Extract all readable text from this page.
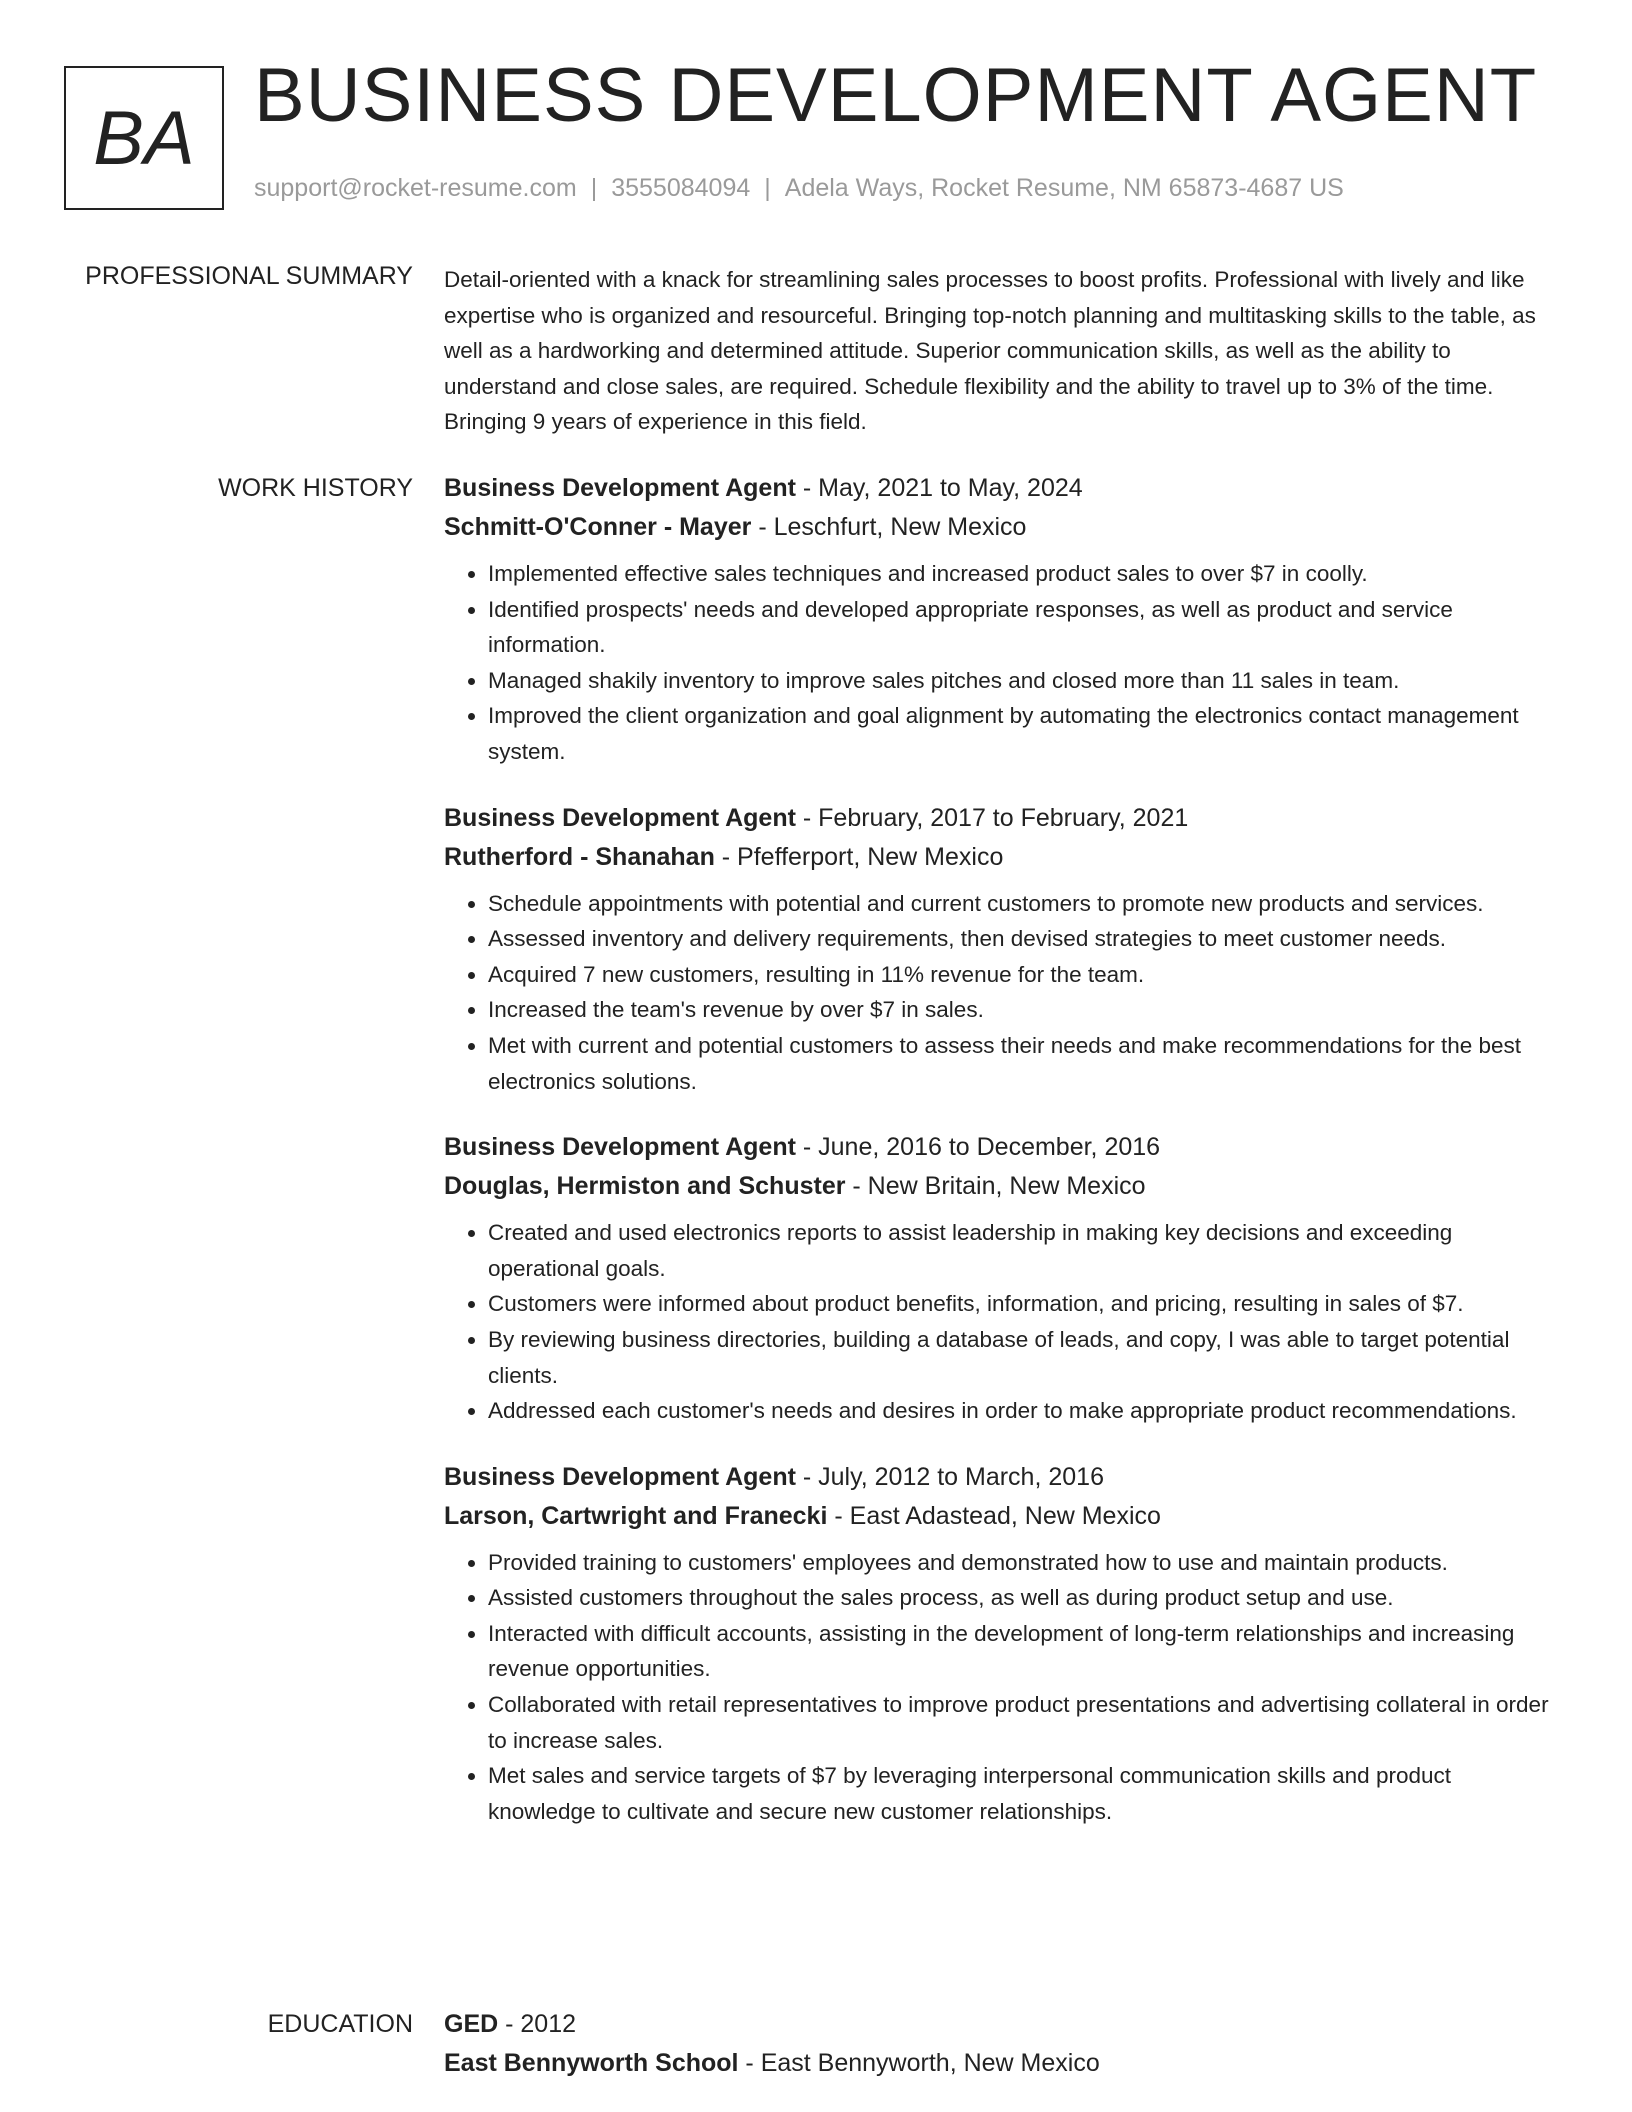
BA BUSINESS DEVELOPMENT AGENT
support@rocket-resume.com | 3555084094 | Adela Ways, Rocket Resume, NM 65873-4687 US
PROFESSIONAL SUMMARY Detail-oriented with a knack for streamlining sales processes to boost profits. Professional with lively and like expertise who is organized and resourceful. Bringing top-notch planning and multitasking skills to the table, as well as a hardworking and determined attitude. Superior communication skills, as well as the ability to understand and close sales, are required. Schedule flexibility and the ability to travel up to 3% of the time. Bringing 9 years of experience in this field.
WORK HISTORY Business Development Agent - May, 2021 to May, 2024
Schmitt-O'Conner - Mayer - Leschfurt, New Mexico
• Implemented effective sales techniques and increased product sales to over $7 in coolly.
• Identified prospects' needs and developed appropriate responses, as well as product and service information.
• Managed shakily inventory to improve sales pitches and closed more than 11 sales in team.
• Improved the client organization and goal alignment by automating the electronics contact management system.
Business Development Agent - February, 2017 to February, 2021
Rutherford - Shanahan - Pfefferport, New Mexico
• Schedule appointments with potential and current customers to promote new products and services.
• Assessed inventory and delivery requirements, then devised strategies to meet customer needs.
• Acquired 7 new customers, resulting in 11% revenue for the team.
• Increased the team's revenue by over $7 in sales.
• Met with current and potential customers to assess their needs and make recommendations for the best electronics solutions.
Business Development Agent - June, 2016 to December, 2016
Douglas, Hermiston and Schuster - New Britain, New Mexico
• Created and used electronics reports to assist leadership in making key decisions and exceeding operational goals.
• Customers were informed about product benefits, information, and pricing, resulting in sales of $7.
• By reviewing business directories, building a database of leads, and copy, I was able to target potential clients.
• Addressed each customer's needs and desires in order to make appropriate product recommendations.
Business Development Agent - July, 2012 to March, 2016
Larson, Cartwright and Franecki - East Adastead, New Mexico
• Provided training to customers' employees and demonstrated how to use and maintain products.
• Assisted customers throughout the sales process, as well as during product setup and use.
• Interacted with difficult accounts, assisting in the development of long-term relationships and increasing revenue opportunities.
• Collaborated with retail representatives to improve product presentations and advertising collateral in order to increase sales.
• Met sales and service targets of $7 by leveraging interpersonal communication skills and product knowledge to cultivate and secure new customer relationships.
EDUCATION GED - 2012
East Bennyworth School - East Bennyworth, New Mexico
